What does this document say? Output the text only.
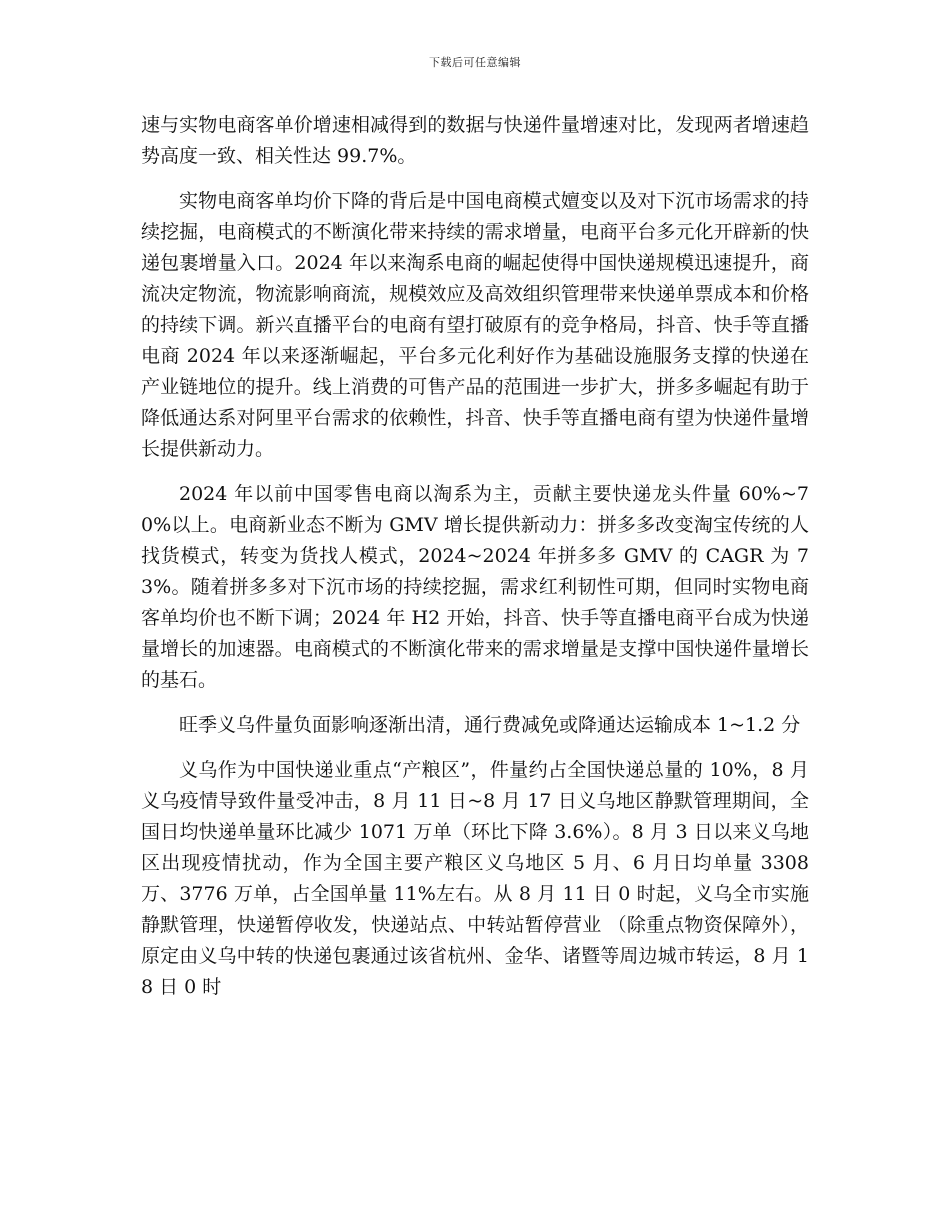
下载后可任意编辑

速与实物电商客单价增速相减得到的数据与快递件量增速对比，发现两者增速趋势高度一致、相关性达 99.7%。

实物电商客单均价下降的背后是中国电商模式嬗变以及对下沉市场需求的持续挖掘，电商模式的不断演化带来持续的需求增量，电商平台多元化开辟新的快递包裹增量入口。2024 年以来淘系电商的崛起使得中国快递规模迅速提升，商流决定物流，物流影响商流，规模效应及高效组织管理带来快递单票成本和价格的持续下调。新兴直播平台的电商有望打破原有的竞争格局，抖音、快手等直播电商 2024 年以来逐渐崛起，平台多元化利好作为基础设施服务支撑的快递在产业链地位的提升。线上消费的可售产品的范围进一步扩大，拼多多崛起有助于降低通达系对阿里平台需求的依赖性，抖音、快手等直播电商有望为快递件量增长提供新动力。

2024 年以前中国零售电商以淘系为主，贡献主要快递龙头件量 60%~70%以上。电商新业态不断为 GMV 增长提供新动力：拼多多改变淘宝传统的人找货模式，转变为货找人模式，2024~2024 年拼多多 GMV 的 CAGR 为 73%。随着拼多多对下沉市场的持续挖掘，需求红利韧性可期，但同时实物电商客单均价也不断下调；2024 年 H2 开始，抖音、快手等直播电商平台成为快递量增长的加速器。电商模式的不断演化带来的需求增量是支撑中国快递件量增长的基石。

旺季义乌件量负面影响逐渐出清，通行费减免或降通达运输成本 1~1.2 分

义乌作为中国快递业重点“产粮区”，件量约占全国快递总量的 10%，8 月义乌疫情导致件量受冲击，8 月 11 日~8 月 17 日义乌地区静默管理期间，全国日均快递单量环比减少 1071 万单（环比下降 3.6%）。8 月 3 日以来义乌地区出现疫情扰动，作为全国主要产粮区义乌地区 5 月、6 月日均单量 3308 万、3776 万单，占全国单量 11%左右。从 8 月 11 日 0 时起，义乌全市实施静默管理，快递暂停收发，快递站点、中转站暂停营业 （除重点物资保障外），原定由义乌中转的快递包裹通过该省杭州、金华、诸暨等周边城市转运，8 月 18 日 0 时
